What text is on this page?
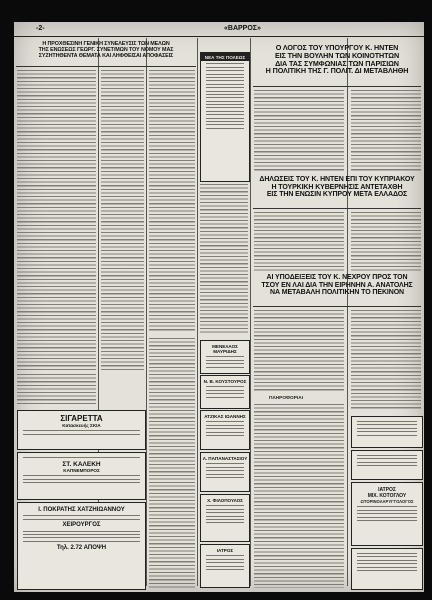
-2-	«ΒΑΡΡΟΣ»
Η ΠΡΟΧΘΕΣΙΝΗ ΓΕΝΙΚΗ ΣΥΝΕΛΕΥΣΙΣ ΤΩΝ ΜΕΛΩΝ
ΤΗΣ ΕΝΩΣΕΩΣ ΓΕΩΡΓ. ΣΥΝΕΤ/ΜΩΝ ΤΟΥ ΝΟΜΟΥ ΜΑΣ
ΣΥΖΗΤΗΘΕΝΤΑ ΘΕΜΑΤΑ ΚΑΙ ΛΗΦΘΕΙΣΑΙ ΑΠΟΦΑΣΕΙΣ
ΣΙΓΑΡΕΤΤΑ
Κατασκευής ΣΚΙΑ
ΣΤ. ΚΑΛΕΚΗ
ΚΑΠΝΕΜΠΟΡΟΣ
Ι. ΠΟΚΡΑΤΗΣ ΧΑΤΖΗΙΩΑΝΝΟΥ
ΧΕΙΡΟΥΡΓΟΣ
Τηλ. 2.72 ΑΠΟΨΗ
ΝΕΑ ΤΗΣ ΠΟΛΕΩΣ
ΜΕΝΕΛΑΟΣ ΜΑΥΡΙΔΗΣ
Ν. Β. ΚΟΥΣΤΟΥΡΟΣ
ΑΤΖΙΚΑΣ ΙΩΑΝΝΗΣ
Λ. ΠΑΠΑΝΑΣΤΑΣΙΟΥ
Χ. ΦΙΛΟΠΟΥΛΟΣ
ΙΑΤΡΟΣ
Ο ΛΟΓΟΣ ΤΟΥ ΥΠΟΥΡΓΟΥ Κ. ΗΝΤΕΝ
ΕΙΣ ΤΗΝ ΒΟΥΛΗΝ ΤΩΝ ΚΟΙΝΟΤΗΤΩΝ
ΔΙΑ ΤΑΣ ΣΥΜΦΩΝΙΑΣ ΤΩΝ ΠΑΡΙΣΙΩΝ
Η ΠΟΛΙΤΙΚΗ ΤΗΣ Γ. ΠΟΛΙΤ. ΔΙ ΜΕΤΑΒΛΗΘΗ
ΔΗΛΩΣΕΙΣ ΤΟΥ Κ. ΗΝΤΕΝ ΕΠΙ ΤΟΥ ΚΥΠΡΙΑΚΟΥ
Η ΤΟΥΡΚΙΚΗ ΚΥΒΕΡΝΗΣΙΣ ΑΝΤΕΤΑΧΘΗ
ΕΙΣ ΤΗΝ ΕΝΩΣΙΝ ΚΥΠΡΟΥ ΜΕΤΑ ΕΛΛΑΔΟΣ
ΑΙ ΥΠΟΔΕΙΞΕΙΣ ΤΟΥ Κ. ΝΕΧΡΟΥ ΠΡΟΣ ΤΟΝ
ΤΣΟΥ ΕΝ ΛΑΙ ΔΙΑ ΤΗΝ ΕΙΡΗΝΗΝ Α. ΑΝΑΤΟΛΗΣ
ΝΑ ΜΕΤΑΒΑΛΗ ΠΟΛΙΤΙΚΗΝ ΤΟ ΠΕΚΙΝΟΝ
ΠΛΗΡΟΦΟΡΙΑΙ
ΙΑΤΡΟΣ
ΜΙΧ. ΚΟΤΟΓΛΟΥ
ΩΤΟΡΙΝΟΛΑΡΥΓΓΟΛΟΓΟΣ
